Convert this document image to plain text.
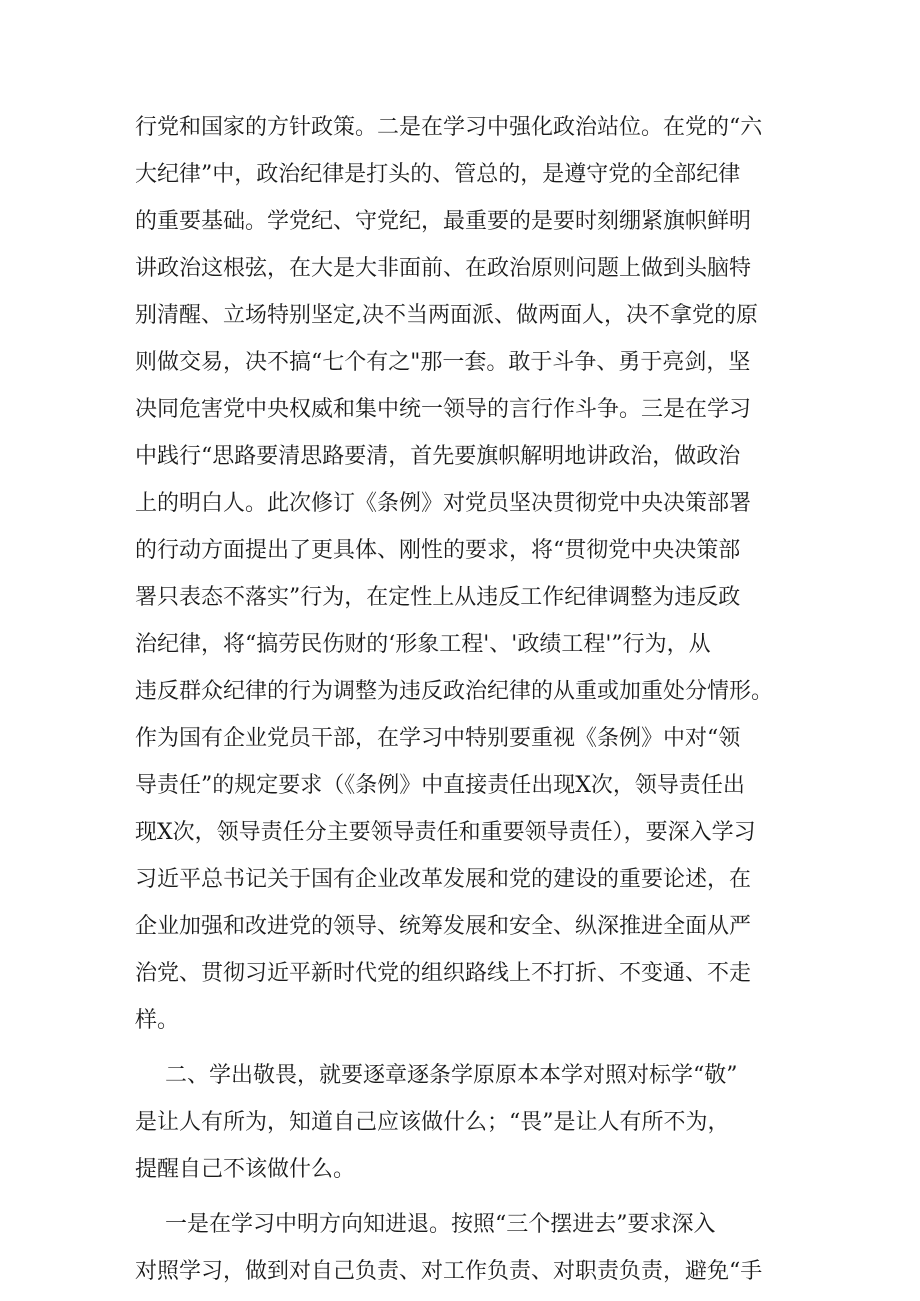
行党和国家的方针政策。二是在学习中强化政治站位。在党的“六
大纪律”中，政治纪律是打头的、管总的，是遵守党的全部纪律
的重要基础。学党纪、守党纪，最重要的是要时刻绷紧旗帜鲜明
讲政治这根弦，在大是大非面前、在政治原则问题上做到头脑特
别清醒、立场特别坚定,决不当两面派、做两面人，决不拿党的原
则做交易，决不搞“七个有之"那一套。敢于斗争、勇于亮剑，坚
决同危害党中央权威和集中统一领导的言行作斗争。三是在学习
中践行“思路要清思路要清，首先要旗帜解明地讲政治，做政治
上的明白人。此次修订《条例》对党员坚决贯彻党中央决策部署
的行动方面提出了更具体、刚性的要求，将“贯彻党中央决策部
署只表态不落实”行为，在定性上从违反工作纪律调整为违反政
治纪律，将“搞劳民伤财的‘形象工程'、'政绩工程'”行为，从
违反群众纪律的行为调整为违反政治纪律的从重或加重处分情形。
作为国有企业党员干部，在学习中特别要重视《条例》中对“领
导责任”的规定要求（《条例》中直接责任出现X次，领导责任出
现X次，领导责任分主要领导责任和重要领导责任），要深入学习
习近平总书记关于国有企业改革发展和党的建设的重要论述，在
企业加强和改进党的领导、统筹发展和安全、纵深推进全面从严
治党、贯彻习近平新时代党的组织路线上不打折、不变通、不走
样。
二、学出敬畏，就要逐章逐条学原原本本学对照对标学“敬”
是让人有所为，知道自己应该做什么；“畏”是让人有所不为，
提醒自己不该做什么。
一是在学习中明方向知进退。按照“三个摆进去”要求深入
对照学习，做到对自己负责、对工作负责、对职责负责，避免“手
